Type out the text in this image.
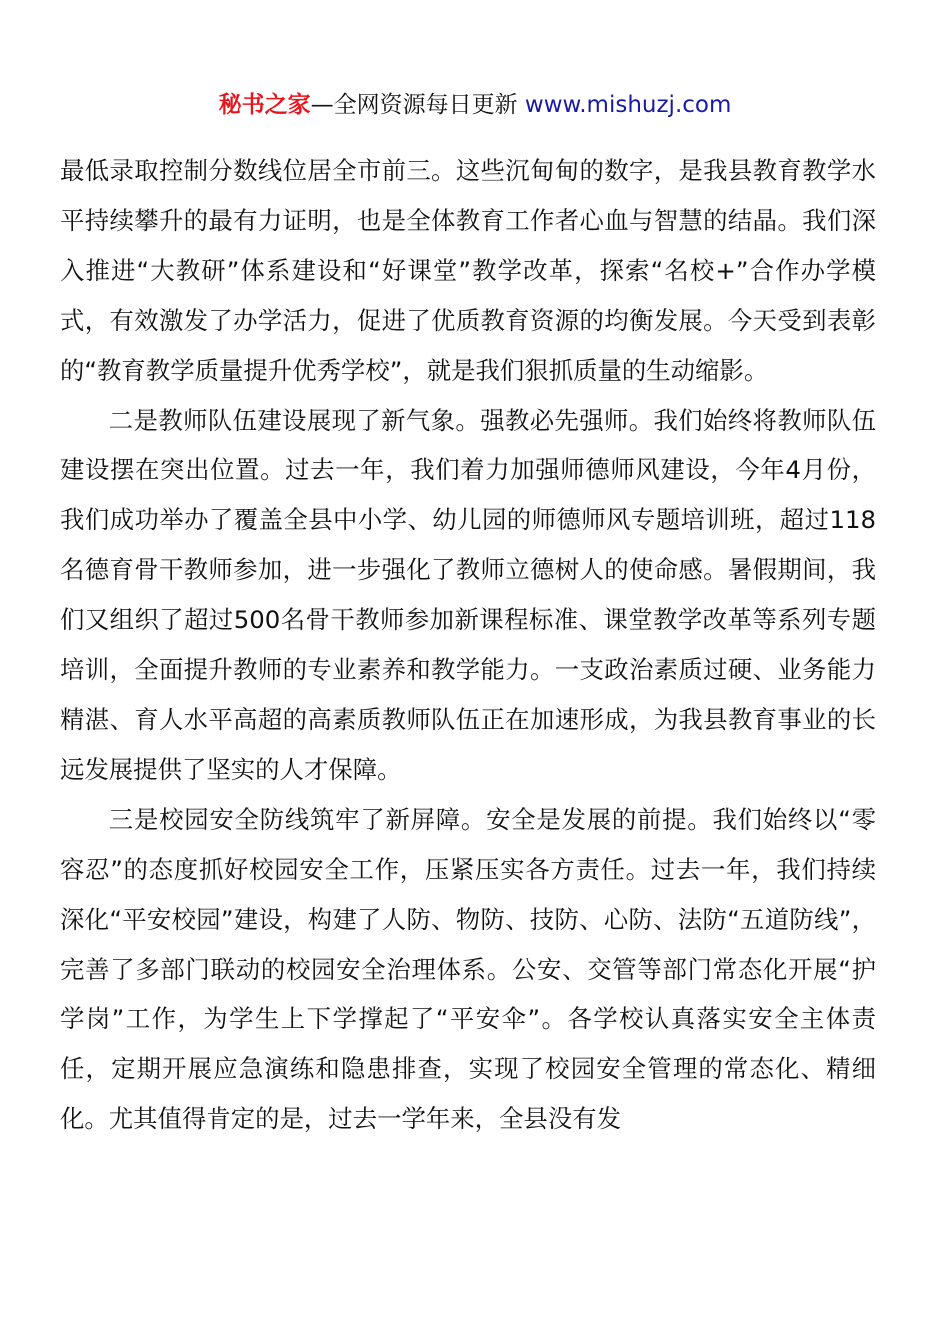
秘书之家—全网资源每日更新 www.mishuzj.com

最低录取控制分数线位居全市前三。这些沉甸甸的数字，是我县教育教学水平持续攀升的最有力证明，也是全体教育工作者心血与智慧的结晶。我们深入推进“大教研”体系建设和“好课堂”教学改革，探索“名校+”合作办学模式，有效激发了办学活力，促进了优质教育资源的均衡发展。今天受到表彰的“教育教学质量提升优秀学校”，就是我们狠抓质量的生动缩影。

二是教师队伍建设展现了新气象。强教必先强师。我们始终将教师队伍建设摆在突出位置。过去一年，我们着力加强师德师风建设，今年4月份，我们成功举办了覆盖全县中小学、幼儿园的师德师风专题培训班，超过118名德育骨干教师参加，进一步强化了教师立德树人的使命感。暑假期间，我们又组织了超过500名骨干教师参加新课程标准、课堂教学改革等系列专题培训，全面提升教师的专业素养和教学能力。一支政治素质过硬、业务能力精湛、育人水平高超的高素质教师队伍正在加速形成，为我县教育事业的长远发展提供了坚实的人才保障。

三是校园安全防线筑牢了新屏障。安全是发展的前提。我们始终以“零容忍”的态度抓好校园安全工作，压紧压实各方责任。过去一年，我们持续深化“平安校园”建设，构建了人防、物防、技防、心防、法防“五道防线”，完善了多部门联动的校园安全治理体系。公安、交管等部门常态化开展“护学岗”工作，为学生上下学撑起了“平安伞”。各学校认真落实安全主体责任，定期开展应急演练和隐患排查，实现了校园安全管理的常态化、精细化。尤其值得肯定的是，过去一学年来，全县没有发
